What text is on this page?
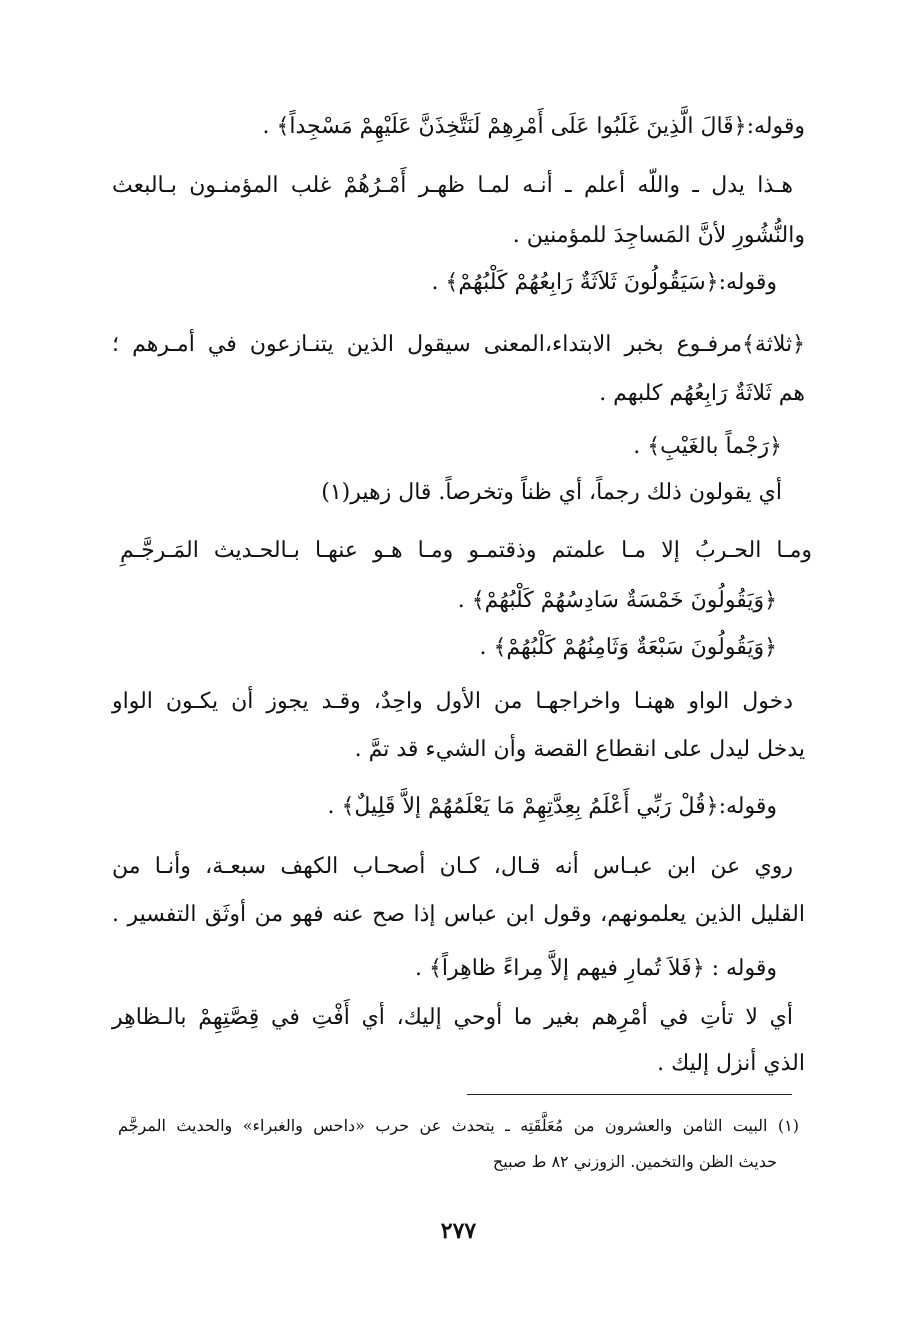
وقوله:﴿قَالَ الَّذِينَ غَلَبُوا عَلَى أَمْرِهِمْ لَنَتَّخِذَنَّ عَلَيْهِمْ مَسْجِداً﴾ .
هـذا يدل ـ واللّه أعلم ـ أنـه لمـا ظهـر أَمْـرُهُمْ غلب المؤمنـون بـالبعث
والنُّشُورِ لأنَّ المَساجِدَ للمؤمنين .
وقوله:﴿سَيَقُولُونَ ثَلاَثَةٌ رَابِعُهُمْ كَلْبُهُمْ﴾ .
﴿ثلاثة﴾مرفـوع بخبر الابتداء،المعنى سيقول الذين يتنـازعون في أمـرهم ؛
هم ثَلاثَةٌ رَابِعُهُم كلبهم .
﴿رَجْماً بالغَيْبِ﴾ .
أي يقولون ذلك رجماً، أي ظناً وتخرصاً. قال زهير(١)
ومـا الحـربُ إلا مـا علمتم وذقتمـو ومـا هـو عنهـا بـالحـديث المَـرجَّـمِ
﴿وَيَقُولُونَ خَمْسَةٌ سَادِسُهُمْ كَلْبُهُمْ﴾ .
﴿وَيَقُولُونَ سَبْعَةٌ وَثَامِنُهُمْ كَلْبُهُمْ﴾ .
دخول الواو ههنـا واخراجهـا من الأول واحِدٌ، وقـد يجوز أن يكـون الواو
يدخل ليدل على انقطاع القصة وأن الشيء قد تمَّ .
وقوله:﴿قُلْ رَبِّي أَعْلَمُ بِعِدَّتِهِمْ مَا يَعْلَمُهُمْ إلاَّ قَلِيلٌ﴾ .
روي عن ابن عبـاس أنه قـال، كـان أصحـاب الكهف سبعـة، وأنـا من
القليل الذين يعلمونهم، وقول ابن عباس إذا صح عنه فهو من أوثَق التفسير .
وقوله : ﴿فَلاَ تُمارِ فيهم إلاَّ مِراءً ظاهِراً﴾ .
أي لا تأتِ في أمْرِهم بغير ما أوحي إليك، أي أَفْتِ في قِصَّتِهِمْ بالـظاهِر
الذي أنزل إليك .
(١) البيت الثامن والعشرون من مُعَلَّقَتِه ـ يتحدث عن حرب «داحس والغبراء» والحديث المرجَّم
حديث الظن والتخمين. الزوزني ٨٢ ط صبيح
٢٧٧
